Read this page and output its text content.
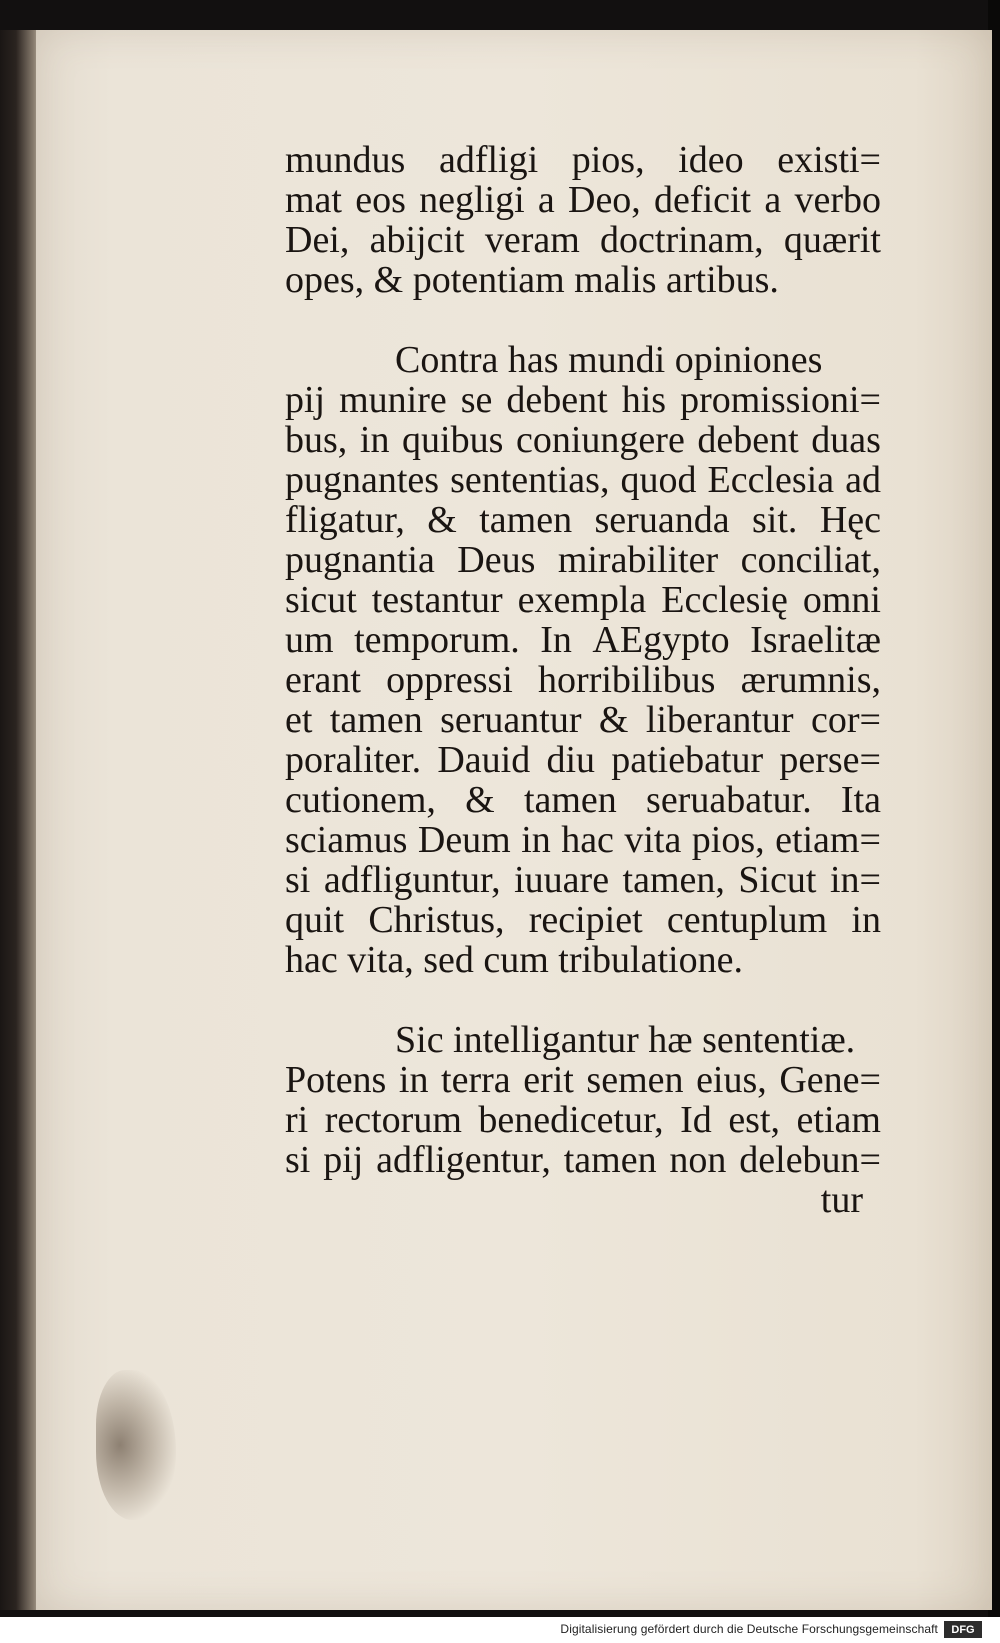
mundus adfligi pios, ideo existi=
mat eos negligi a Deo, deficit a verbo
Dei, abijcit veram doctrinam, quærit
opes, & potentiam malis artibus.
Contra has mundi opiniones
pij munire se debent his promissioni=
bus, in quibus coniungere debent duas
pugnantes sententias, quod Ecclesia ad
fligatur, & tamen seruanda sit. Hęc
pugnantia Deus mirabiliter conciliat,
sicut testantur exempla Ecclesię omni
um temporum. In AEgypto Israelitæ
erant oppressi horribilibus ærumnis,
et tamen seruantur & liberantur cor=
poraliter. Dauid diu patiebatur perse=
cutionem, & tamen seruabatur. Ita
sciamus Deum in hac vita pios, etiam=
si adfliguntur, iuuare tamen, Sicut in=
quit Christus, recipiet centuplum in
hac vita, sed cum tribulatione.
Sic intelligantur hæ sententiæ.
Potens in terra erit semen eius, Gene=
ri rectorum benedicetur, Id est, etiam
si pij adfligentur, tamen non delebun=
tur
Digitalisierung gefördert durch die Deutsche Forschungsgemeinschaft	DFG
